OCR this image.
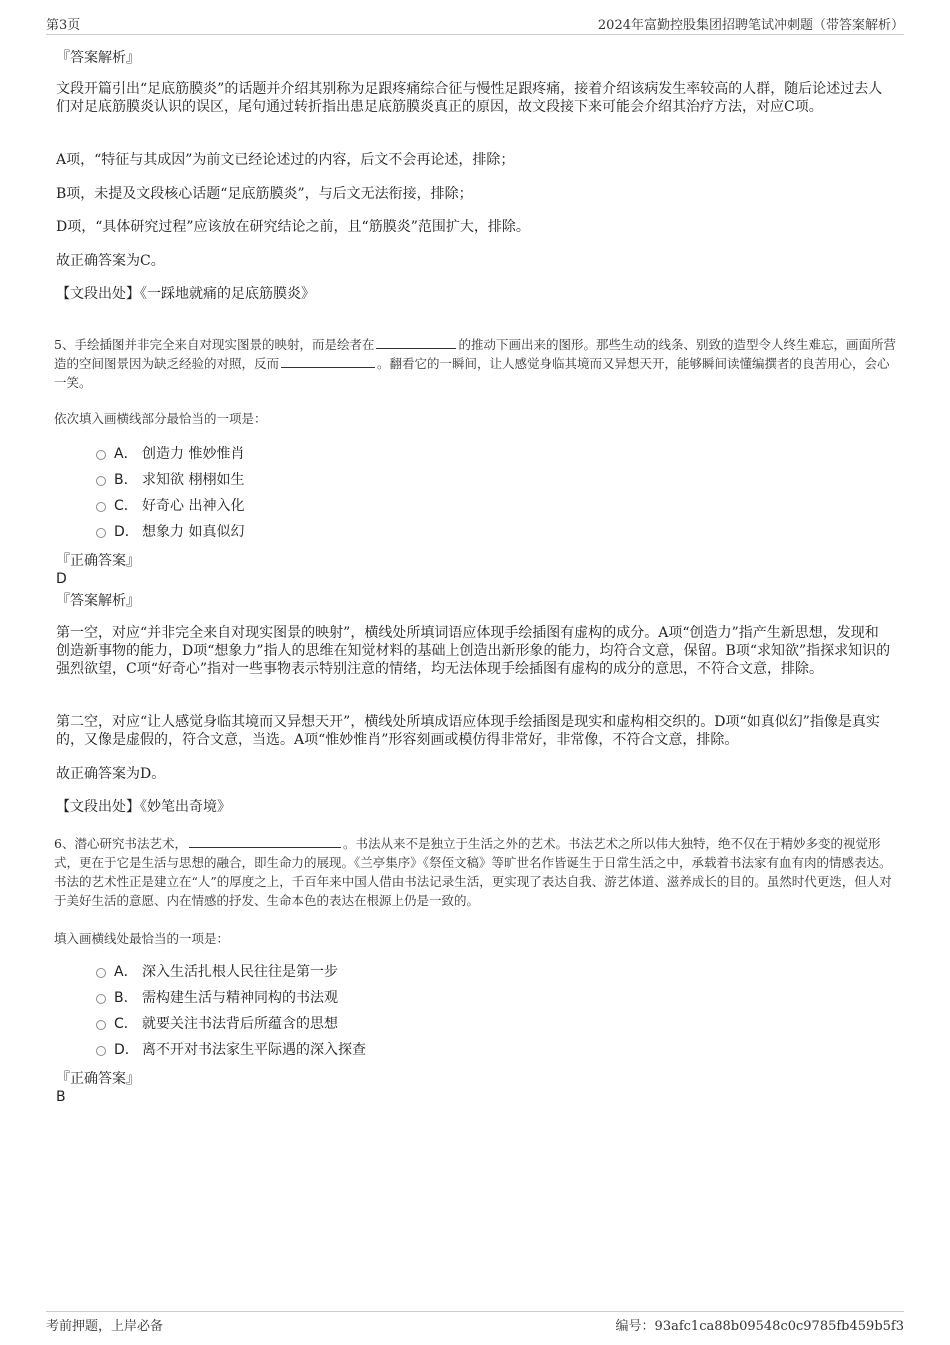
第3页	2024年富勤控股集团招聘笔试冲刺题（带答案解析）

『答案解析』

文段开篇引出“足底筋膜炎”的话题并介绍其别称为足跟疼痛综合征与慢性足跟疼痛，接着介绍该病发生率较高的人群，随后论述过去人们对足底筋膜炎认识的误区，尾句通过转折指出患足底筋膜炎真正的原因，故文段接下来可能会介绍其治疗方法，对应C项。

A项，“特征与其成因”为前文已经论述过的内容，后文不会再论述，排除；

B项，未提及文段核心话题“足底筋膜炎”，与后文无法衔接，排除；

D项，“具体研究过程”应该放在研究结论之前，且“筋膜炎”范围扩大，排除。

故正确答案为C。

【文段出处】《一踩地就痛的足底筋膜炎》

5、手绘插图并非完全来自对现实图景的映射，而是绘者在	的推动下画出来的图形。那些生动的线条、别致的造型令人终生难忘，画面所营造的空间图景因为缺乏经验的对照，反而	。翻看它的一瞬间，让人感觉身临其境而又异想天开，能够瞬间读懂编撰者的良苦用心，会心一笑。
依次填入画横线部分最恰当的一项是：
A． 创造力 惟妙惟肖
B． 求知欲 栩栩如生
C． 好奇心 出神入化
D． 想象力 如真似幻

『正确答案』

D

『答案解析』

第一空，对应“并非完全来自对现实图景的映射”，横线处所填词语应体现手绘插图有虚构的成分。A项“创造力”指产生新思想，发现和创造新事物的能力，D项“想象力”指人的思维在知觉材料的基础上创造出新形象的能力，均符合文意，保留。B项“求知欲”指探求知识的强烈欲望，C项“好奇心”指对一些事物表示特别注意的情绪，均无法体现手绘插图有虚构的成分的意思，不符合文意，排除。

第二空，对应“让人感觉身临其境而又异想天开”，横线处所填成语应体现手绘插图是现实和虚构相交织的。D项“如真似幻”指像是真实的，又像是虚假的，符合文意，当选。A项“惟妙惟肖”形容刻画或模仿得非常好，非常像，不符合文意，排除。

故正确答案为D。

【文段出处】《妙笔出奇境》

6、潜心研究书法艺术，	。书法从来不是独立于生活之外的艺术。书法艺术之所以伟大独特，绝不仅在于精妙多变的视觉形式，更在于它是生活与思想的融合，即生命力的展现。《兰亭集序》《祭侄文稿》等旷世名作皆诞生于日常生活之中，承载着书法家有血有肉的情感表达。书法的艺术性正是建立在“人”的厚度之上，千百年来中国人借由书法记录生活，更实现了表达自我、游艺体道、滋养成长的目的。虽然时代更迭，但人对于美好生活的意愿、内在情感的抒发、生命本色的表达在根源上仍是一致的。
填入画横线处最恰当的一项是：
A． 深入生活扎根人民往往是第一步
B． 需构建生活与精神同构的书法观
C． 就要关注书法背后所蕴含的思想
D． 离不开对书法家生平际遇的深入探查

『正确答案』

B

考前押题，上岸必备	编号：93afc1ca88b09548c0c9785fb459b5f3
